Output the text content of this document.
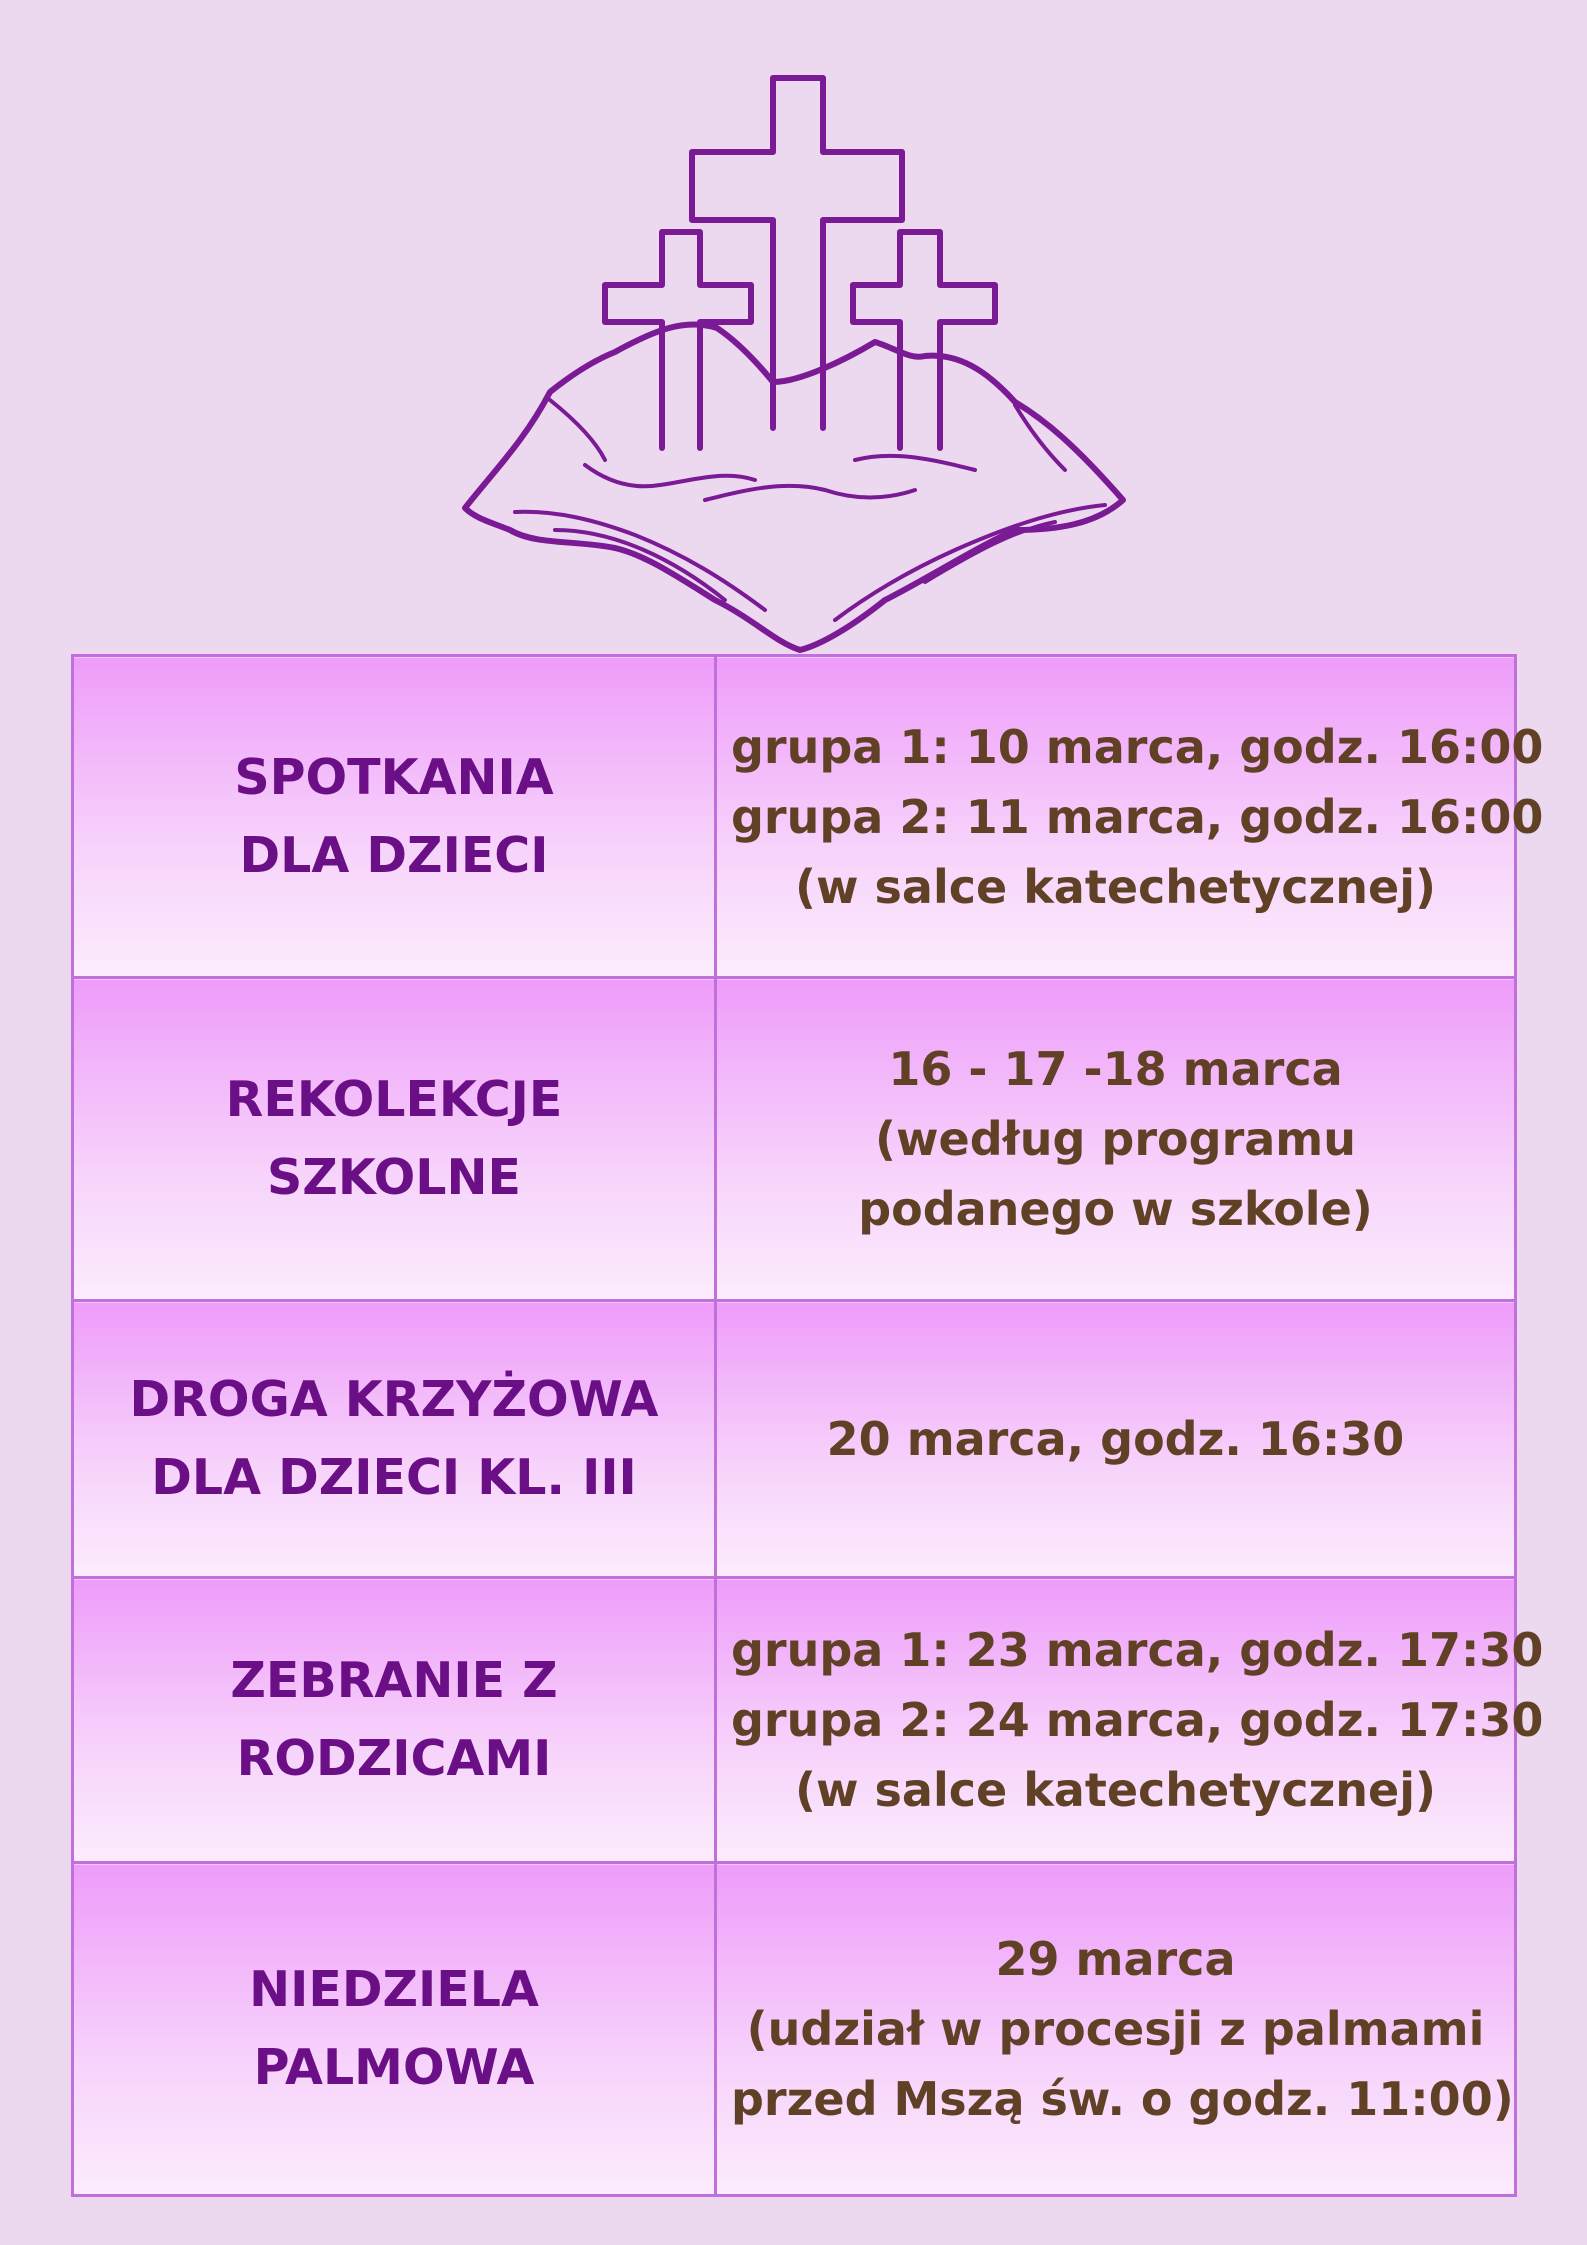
SPOTKANIA
DLA DZIECI	grupa 1: 10 marca, godz. 16:00
grupa 2: 11 marca, godz. 16:00
(w salce katechetycznej)

REKOLEKCJE
SZKOLNE	16 - 17 -18 marca
(według programu
podanego w szkole)

DROGA KRZYŻOWA
DLA DZIECI KL. III	20 marca, godz. 16:30

ZEBRANIE Z
RODZICAMI	grupa 1: 23 marca, godz. 17:30
grupa 2: 24 marca, godz. 17:30
(w salce katechetycznej)

NIEDZIELA
PALMOWA	29 marca
(udział w procesji z palmami
przed Mszą św. o godz. 11:00)
